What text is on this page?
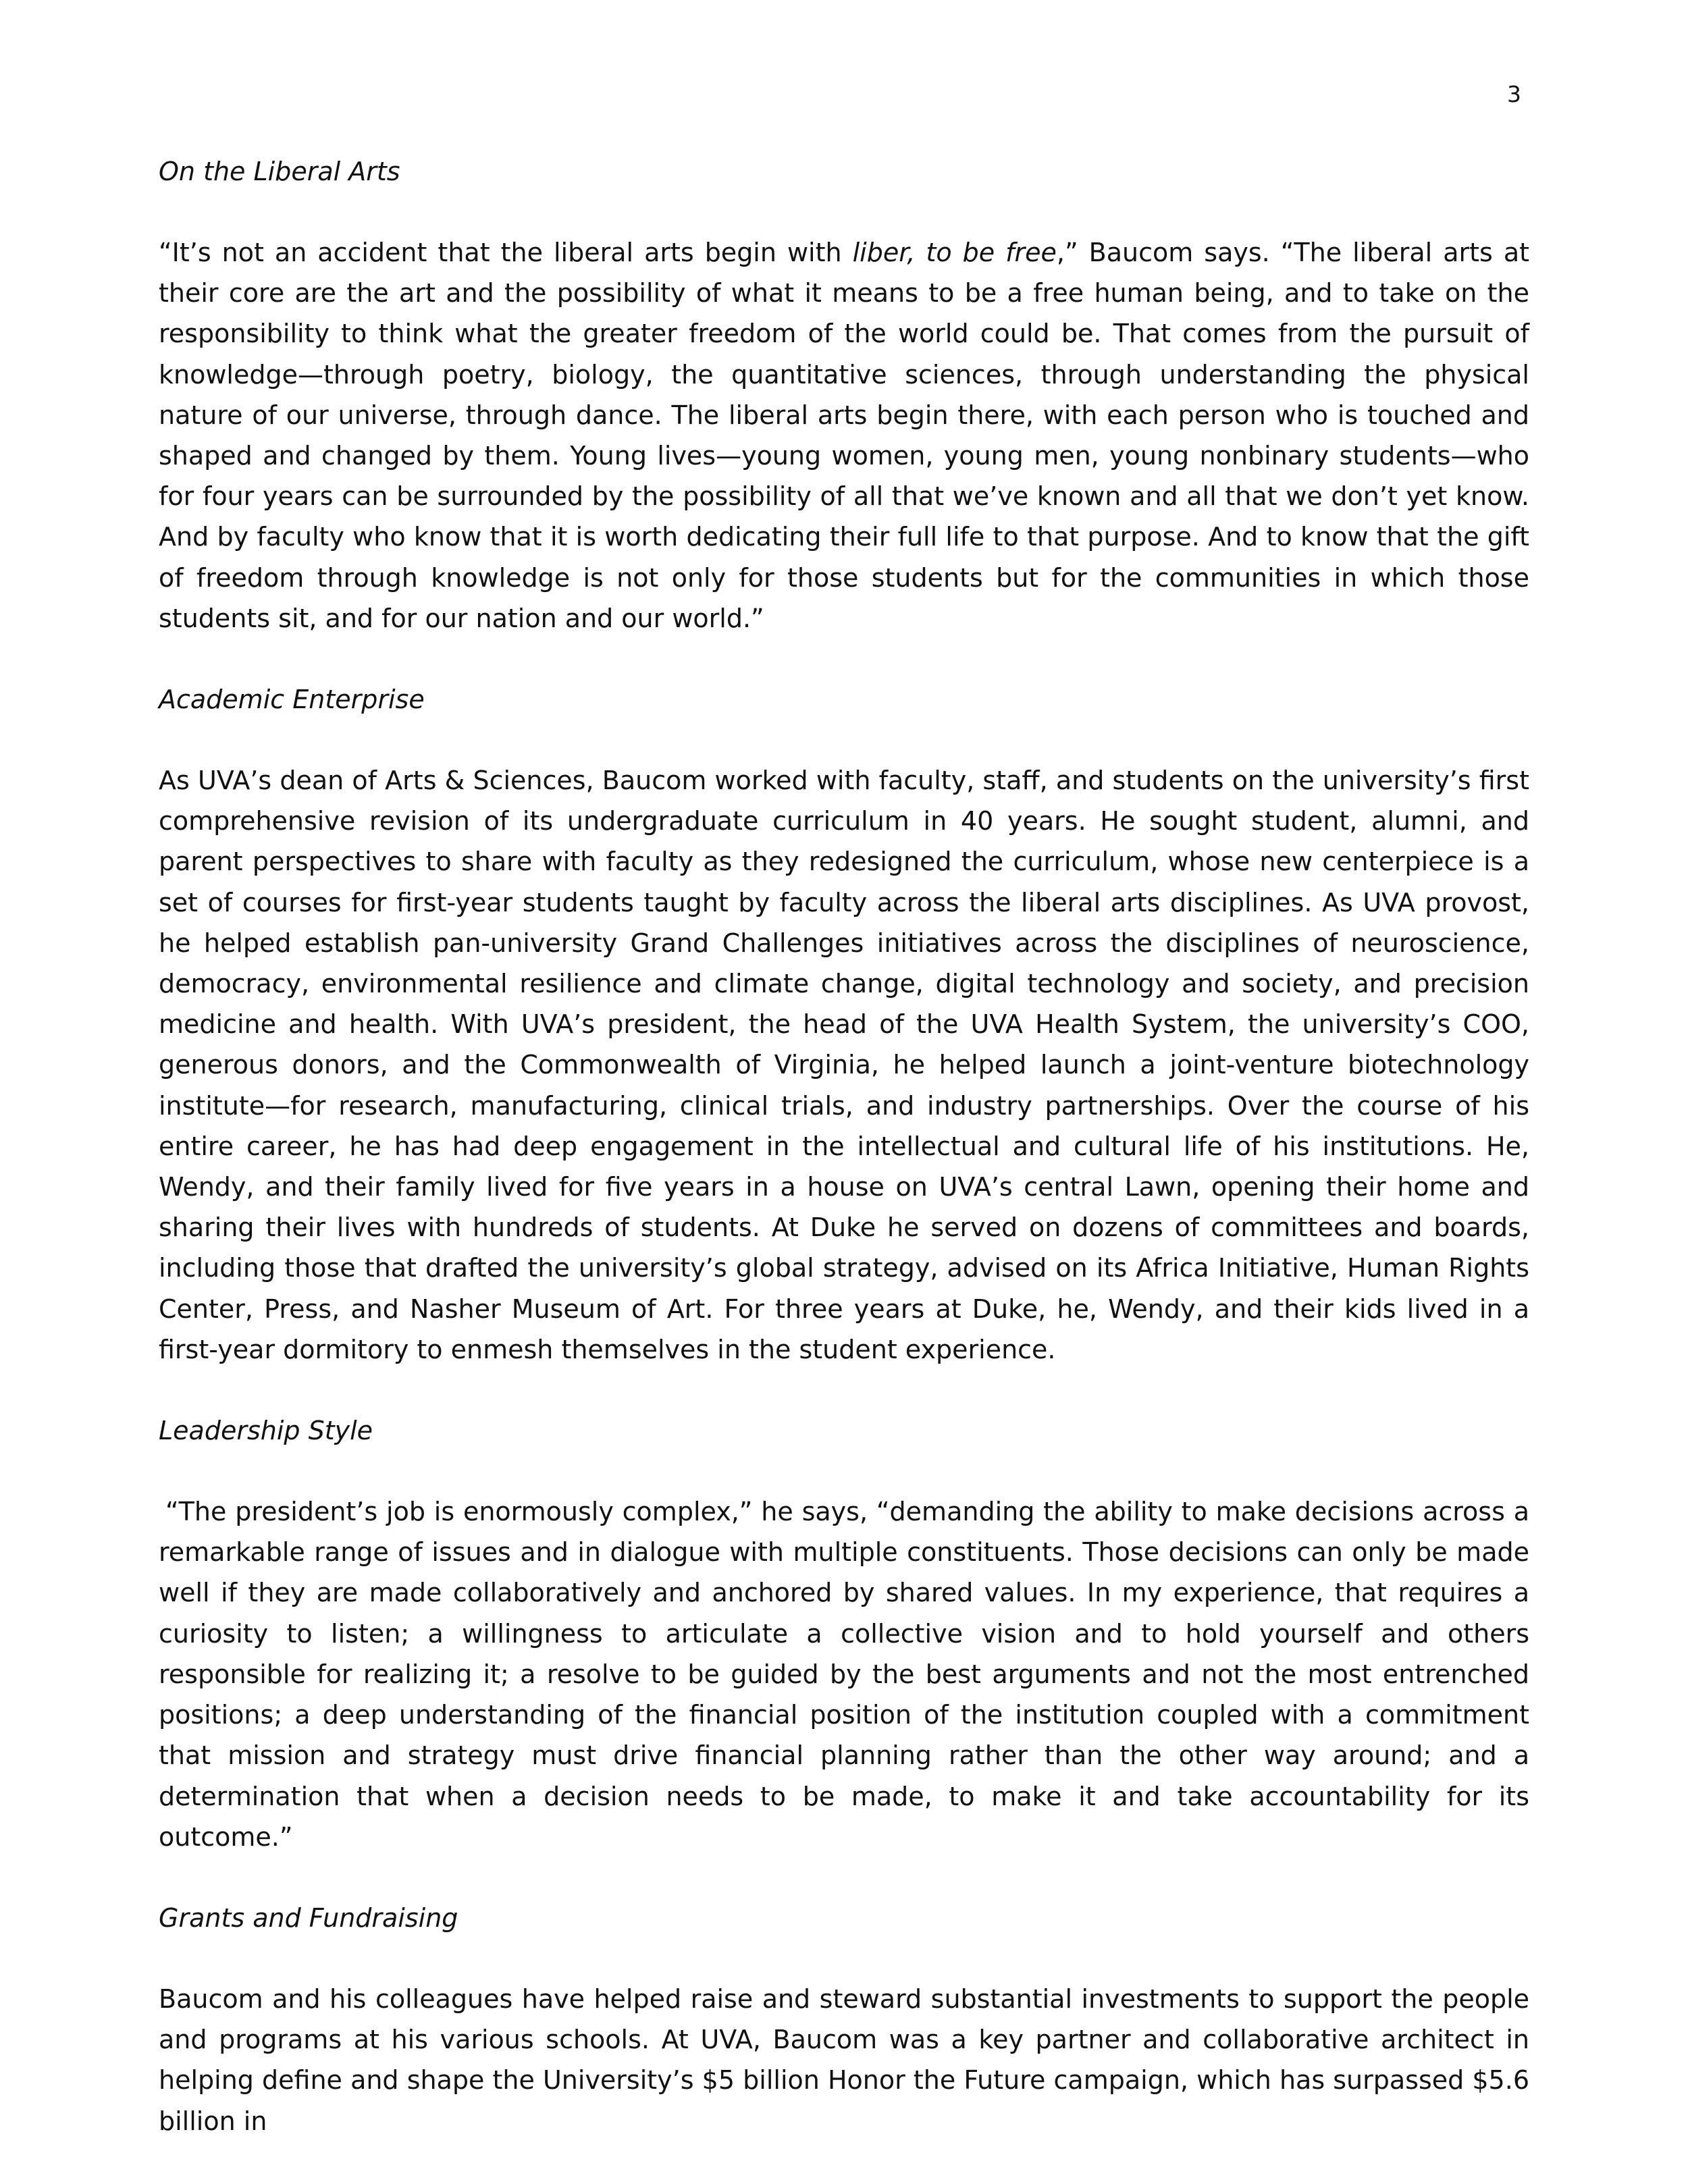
3
On the Liberal Arts

“It’s not an accident that the liberal arts begin with liber, to be free,” Baucom says. “The liberal arts at their core are the art and the possibility of what it means to be a free human being, and to take on the responsibility to think what the greater freedom of the world could be. That comes from the pursuit of knowledge—through poetry, biology, the quantitative sciences, through understanding the physical nature of our universe, through dance. The liberal arts begin there, with each person who is touched and shaped and changed by them. Young lives—young women, young men, young nonbinary students—who for four years can be surrounded by the possibility of all that we’ve known and all that we don’t yet know. And by faculty who know that it is worth dedicating their full life to that purpose. And to know that the gift of freedom through knowledge is not only for those students but for the communities in which those students sit, and for our nation and our world.”

Academic Enterprise

As UVA’s dean of Arts & Sciences, Baucom worked with faculty, staff, and students on the university’s first comprehensive revision of its undergraduate curriculum in 40 years. He sought student, alumni, and parent perspectives to share with faculty as they redesigned the curriculum, whose new centerpiece is a set of courses for first-year students taught by faculty across the liberal arts disciplines. As UVA provost, he helped establish pan-university Grand Challenges initiatives across the disciplines of neuroscience, democracy, environmental resilience and climate change, digital technology and society, and precision medicine and health. With UVA’s president, the head of the UVA Health System, the university’s COO, generous donors, and the Commonwealth of Virginia, he helped launch a joint-venture biotechnology institute—for research, manufacturing, clinical trials, and industry partnerships. Over the course of his entire career, he has had deep engagement in the intellectual and cultural life of his institutions. He, Wendy, and their family lived for five years in a house on UVA’s central Lawn, opening their home and sharing their lives with hundreds of students. At Duke he served on dozens of committees and boards, including those that drafted the university’s global strategy, advised on its Africa Initiative, Human Rights Center, Press, and Nasher Museum of Art. For three years at Duke, he, Wendy, and their kids lived in a first-year dormitory to enmesh themselves in the student experience.

Leadership Style

“The president’s job is enormously complex,” he says, “demanding the ability to make decisions across a remarkable range of issues and in dialogue with multiple constituents. Those decisions can only be made well if they are made collaboratively and anchored by shared values. In my experience, that requires a curiosity to listen; a willingness to articulate a collective vision and to hold yourself and others responsible for realizing it; a resolve to be guided by the best arguments and not the most entrenched positions; a deep understanding of the financial position of the institution coupled with a commitment that mission and strategy must drive financial planning rather than the other way around; and a determination that when a decision needs to be made, to make it and take accountability for its outcome.”

Grants and Fundraising

Baucom and his colleagues have helped raise and steward substantial investments to support the people and programs at his various schools. At UVA, Baucom was a key partner and collaborative architect in helping define and shape the University’s $5 billion Honor the Future campaign, which has surpassed $5.6 billion in
